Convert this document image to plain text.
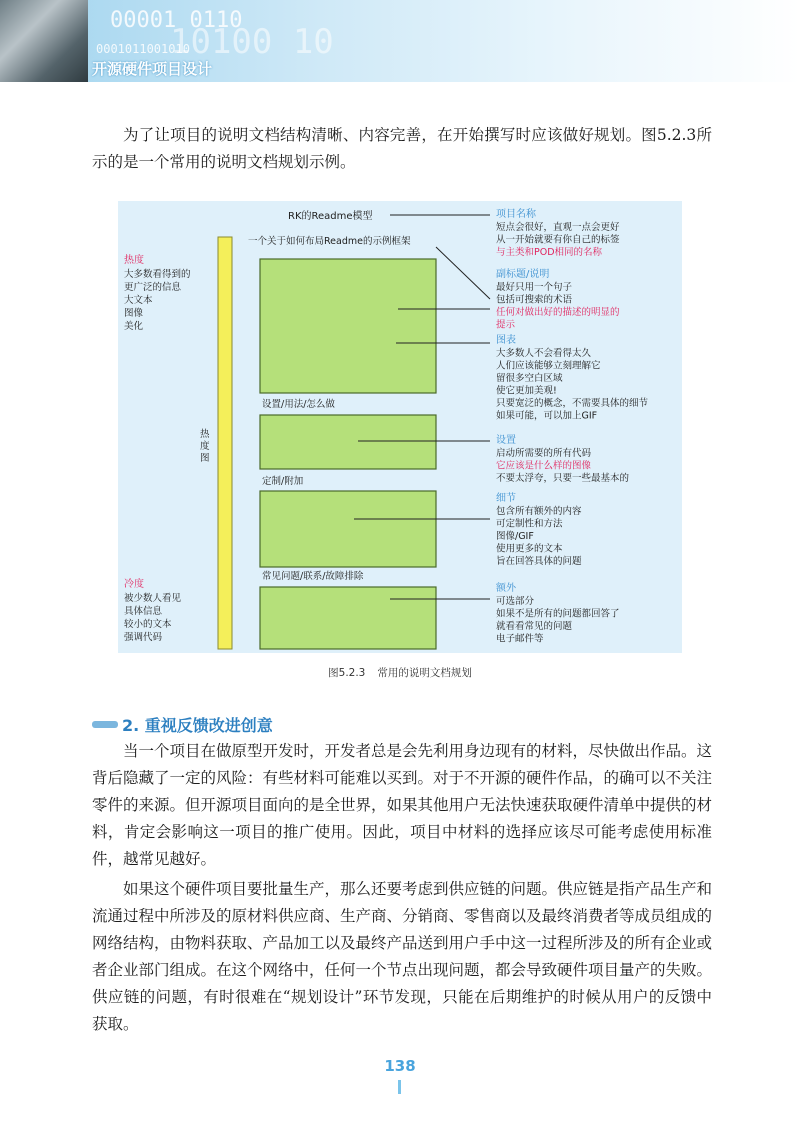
00001 0110
0001011001010
10100 10
开源硬件项目设计

为了让项目的说明文档结构清晰、内容完善，在开始撰写时应该做好规划。图5.2.3所示的是一个常用的说明文档规划示例。

RK的Readme模型
一个关于如何布局Readme的示例框架
热
度
图
热度
大多数看得到的
更广泛的信息
大文本
图像
美化
冷度
被少数人看见
具体信息
较小的文本
强调代码
设置/用法/怎么做
定制/附加
常见问题/联系/故障排除
项目名称
短点会很好，直观一点会更好
从一开始就要有你自己的标签
与主类和POD相同的名称
副标题/说明
最好只用一个句子
包括可搜索的术语
任何对做出好的描述的明显的
提示
图表
大多数人不会看得太久
人们应该能够立刻理解它
留很多空白区域
使它更加美观!
只要宽泛的概念，不需要具体的细节
如果可能，可以加上GIF
设置
启动所需要的所有代码
它应该是什么样的图像
不要太浮夸，只要一些最基本的
细节
包含所有额外的内容
可定制性和方法
图像/GIF
使用更多的文本
旨在回答具体的问题
额外
可选部分
如果不是所有的问题都回答了
就看看常见的问题
电子邮件等
图5.2.3 常用的说明文档规划
2. 重视反馈改进创意

当一个项目在做原型开发时，开发者总是会先利用身边现有的材料，尽快做出作品。这背后隐藏了一定的风险：有些材料可能难以买到。对于不开源的硬件作品，的确可以不关注零件的来源。但开源项目面向的是全世界，如果其他用户无法快速获取硬件清单中提供的材料，肯定会影响这一项目的推广使用。因此，项目中材料的选择应该尽可能考虑使用标准件，越常见越好。

如果这个硬件项目要批量生产，那么还要考虑到供应链的问题。供应链是指产品生产和流通过程中所涉及的原材料供应商、生产商、分销商、零售商以及最终消费者等成员组成的网络结构，由物料获取、产品加工以及最终产品送到用户手中这一过程所涉及的所有企业或者企业部门组成。在这个网络中，任何一个节点出现问题，都会导致硬件项目量产的失败。供应链的问题，有时很难在“规划设计”环节发现，只能在后期维护的时候从用户的反馈中获取。

138
